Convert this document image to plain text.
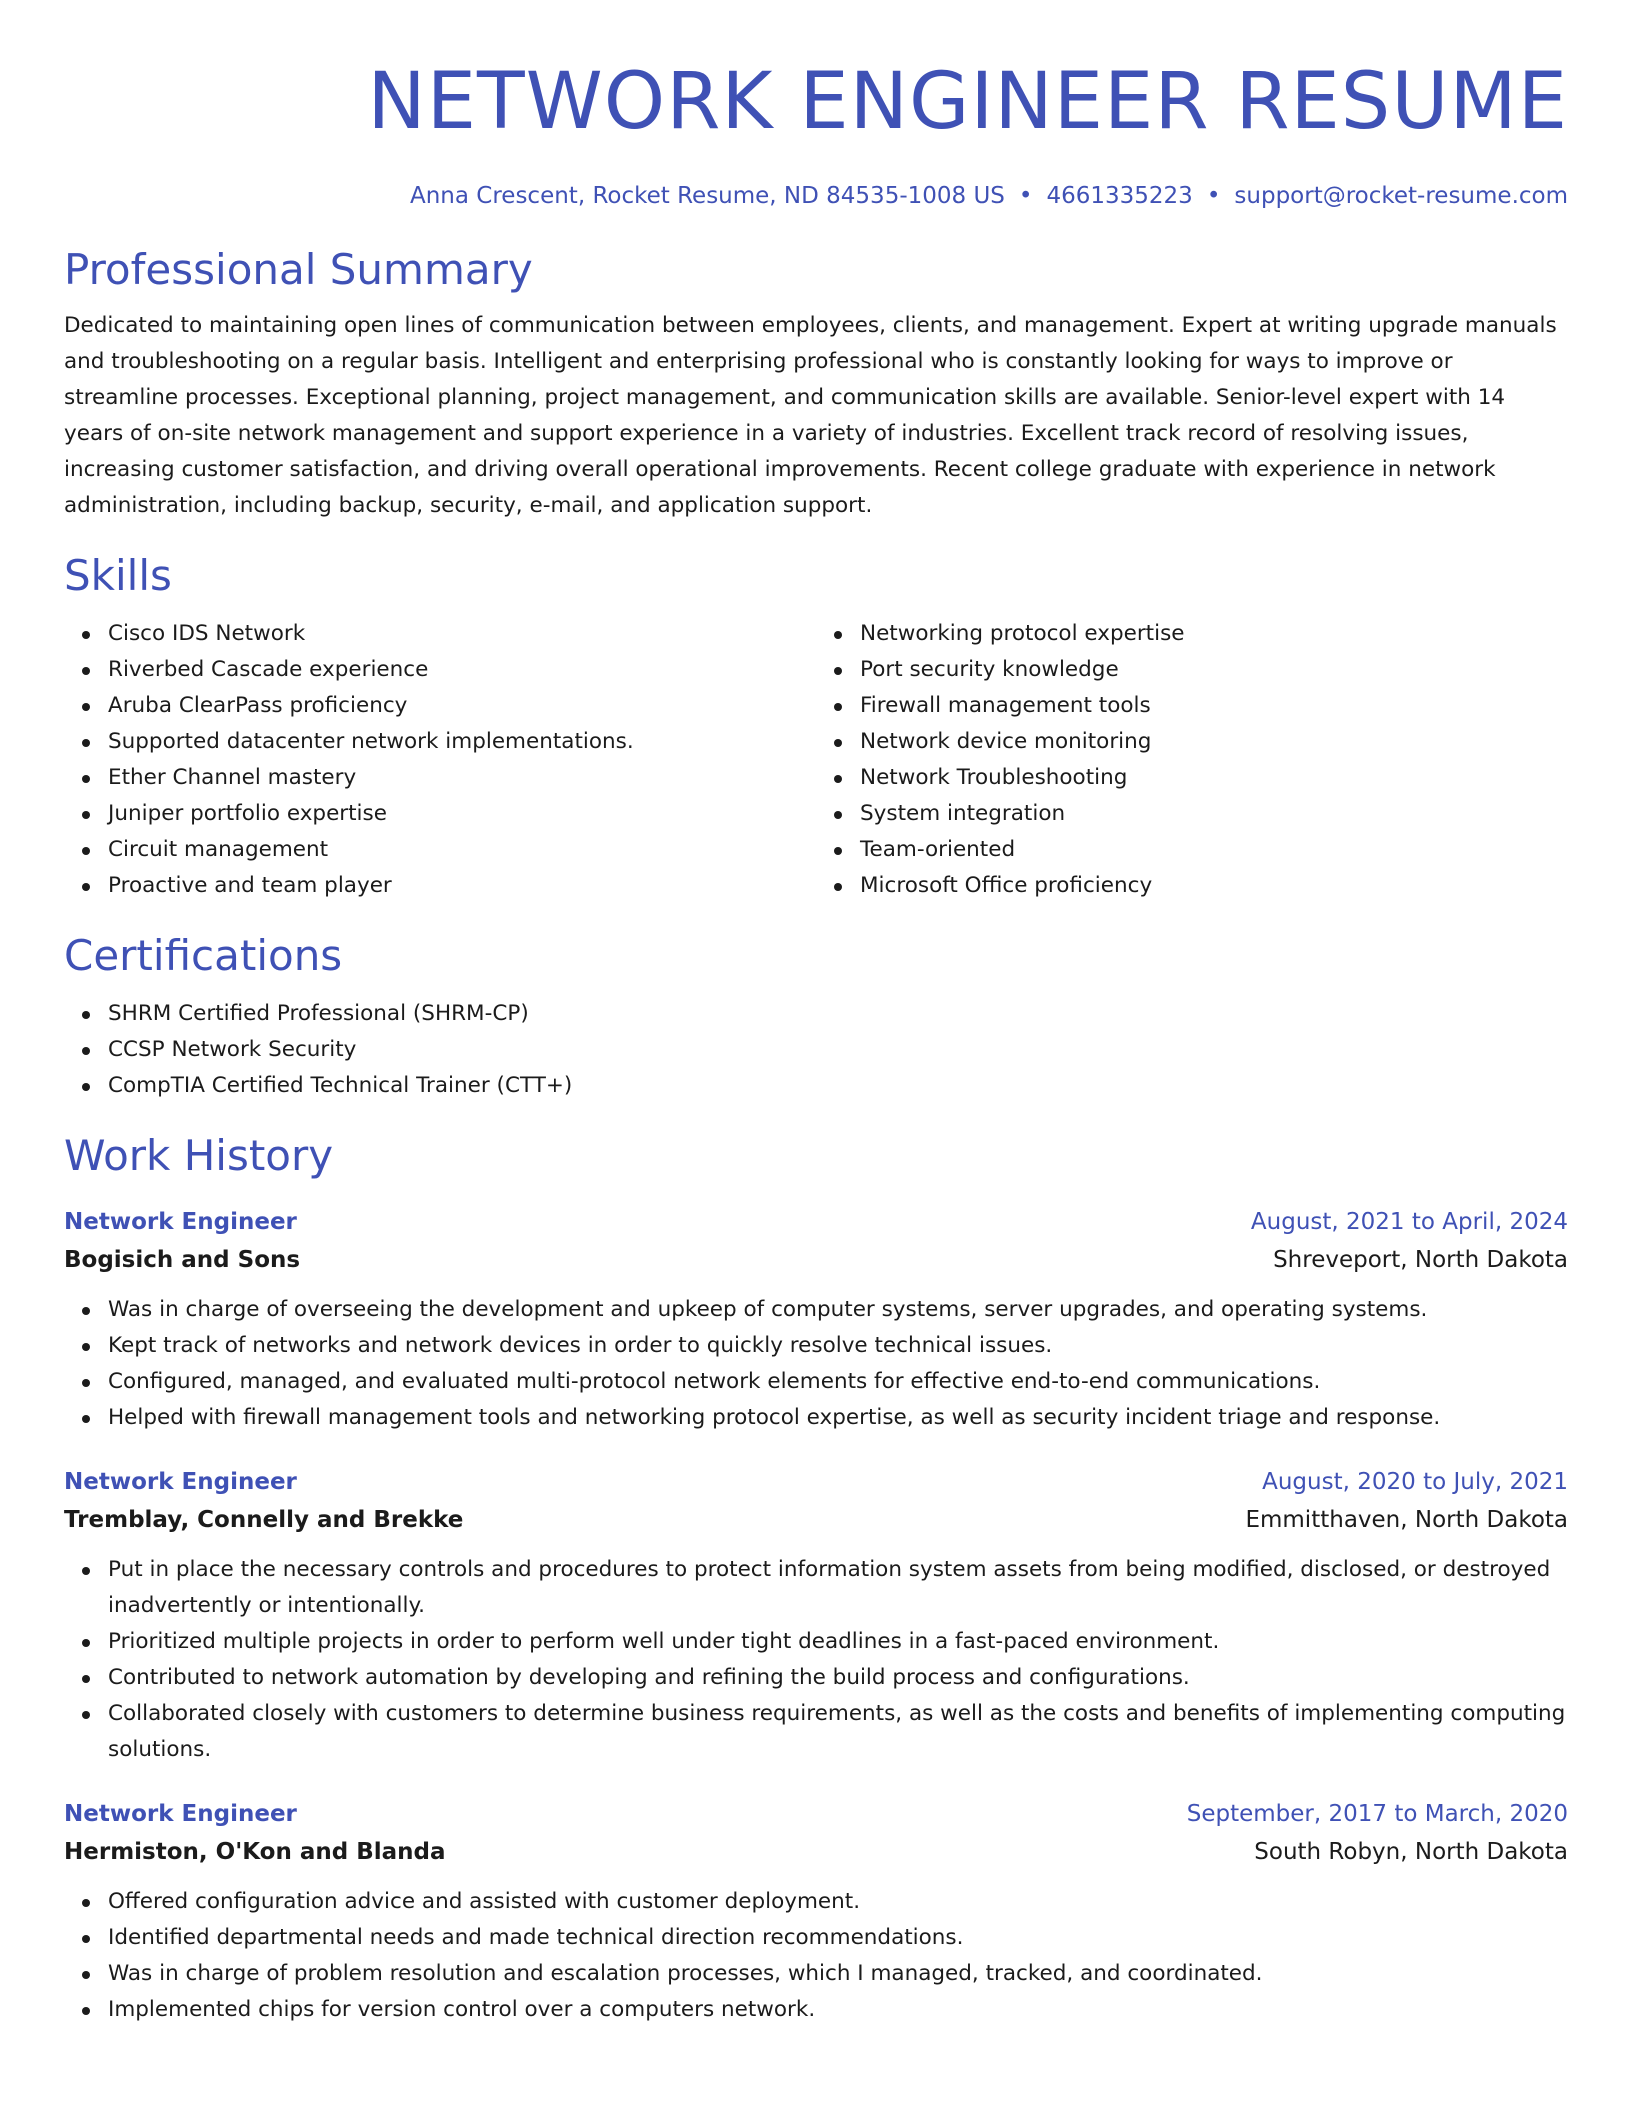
NETWORK ENGINEER RESUME
Anna Crescent, Rocket Resume, ND 84535-1008 US • 4661335223 • support@rocket-resume.com
Professional Summary

Dedicated to maintaining open lines of communication between employees, clients, and management. Expert at writing upgrade manuals and troubleshooting on a regular basis. Intelligent and enterprising professional who is constantly looking for ways to improve or streamline processes. Exceptional planning, project management, and communication skills are available. Senior-level expert with 14 years of on-site network management and support experience in a variety of industries. Excellent track record of resolving issues, increasing customer satisfaction, and driving overall operational improvements. Recent college graduate with experience in network administration, including backup, security, e-mail, and application support.

Skills
Cisco IDS Network
Riverbed Cascade experience
Aruba ClearPass proficiency
Supported datacenter network implementations.
Ether Channel mastery
Juniper portfolio expertise
Circuit management
Proactive and team player
Networking protocol expertise
Port security knowledge
Firewall management tools
Network device monitoring
Network Troubleshooting
System integration
Team-oriented
Microsoft Office proficiency
Certifications
SHRM Certified Professional (SHRM-CP)
CCSP Network Security
CompTIA Certified Technical Trainer (CTT+)
Work History
Network Engineer	August, 2021 to April, 2024
Bogisich and Sons	Shreveport, North Dakota
Was in charge of overseeing the development and upkeep of computer systems, server upgrades, and operating systems.
Kept track of networks and network devices in order to quickly resolve technical issues.
Configured, managed, and evaluated multi-protocol network elements for effective end-to-end communications.
Helped with firewall management tools and networking protocol expertise, as well as security incident triage and response.
Network Engineer	August, 2020 to July, 2021
Tremblay, Connelly and Brekke	Emmitthaven, North Dakota
Put in place the necessary controls and procedures to protect information system assets from being modified, disclosed, or destroyed inadvertently or intentionally.
Prioritized multiple projects in order to perform well under tight deadlines in a fast-paced environment.
Contributed to network automation by developing and refining the build process and configurations.
Collaborated closely with customers to determine business requirements, as well as the costs and benefits of implementing computing solutions.
Network Engineer	September, 2017 to March, 2020
Hermiston, O'Kon and Blanda	South Robyn, North Dakota
Offered configuration advice and assisted with customer deployment.
Identified departmental needs and made technical direction recommendations.
Was in charge of problem resolution and escalation processes, which I managed, tracked, and coordinated.
Implemented chips for version control over a computers network.
